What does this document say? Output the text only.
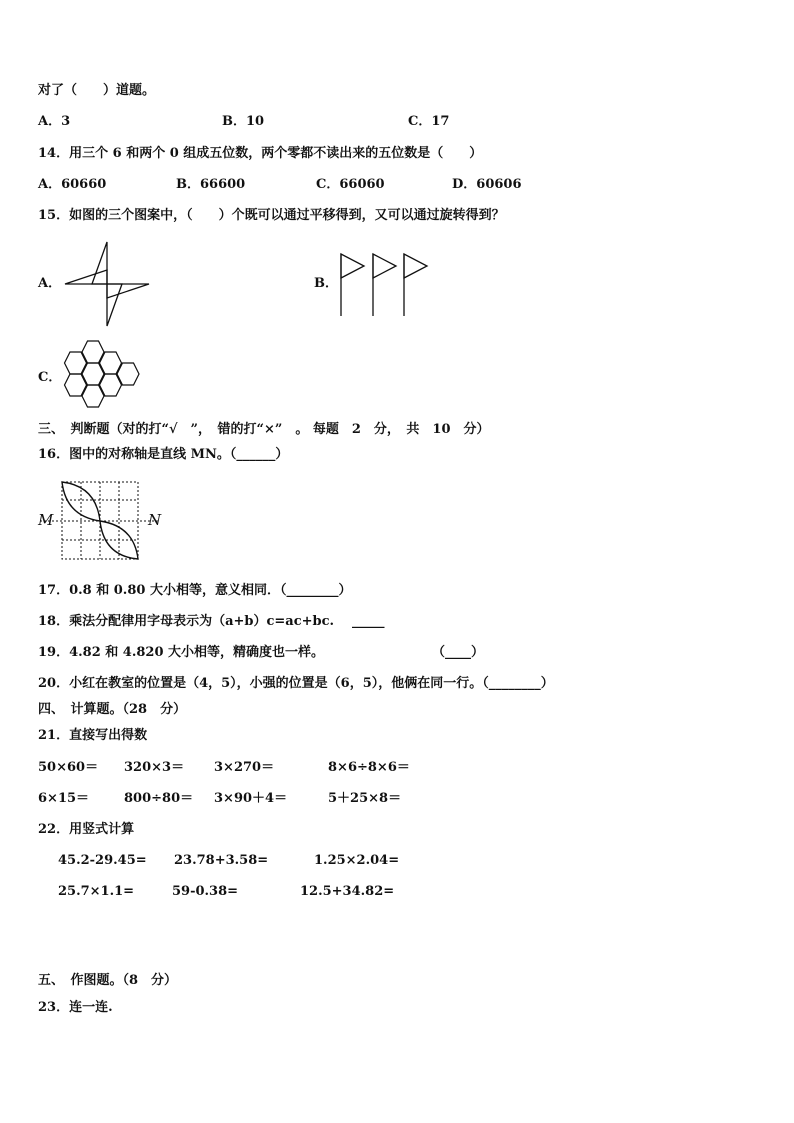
对了（　　）道题。
A．3	B．10	C．17
14．用三个 6 和两个 0 组成五位数，两个零都不读出来的五位数是（　　）
A．60660	B．66600	C．66060	D．60606
15．如图的三个图案中，（　　）个既可以通过平移得到，又可以通过旋转得到？
A．	B．
C．
三、　判断题（对的打“√　”，　错的打“×”　。 每题　2　分，　共　10　分）
16．图中的对称轴是直线 MN。（______）
M	N
17．0.8 和 0.80 大小相等，意义相同．（________）
18．乘法分配律用字母表示为（a+b）c=ac+bc. _____
19．4.82 和 4.820 大小相等，精确度也一样。	（____）
20．小红在教室的位置是（4，5），小强的位置是（6，5），他俩在同一行。（________）
四、　计算题。（28　分）
21．直接写出得数
50×60＝ 320×3＝ 3×270＝	8×6÷8×6＝
6×15＝	800÷80＝ 3×90＋4＝	5＋25×8＝
22．用竖式计算
45.2-29.45= 23.78+3.58=	1.25×2.04=
25.7×1.1=	59-0.38=	12.5+34.82=
五、　作图题。（8　分）
23．连一连.
